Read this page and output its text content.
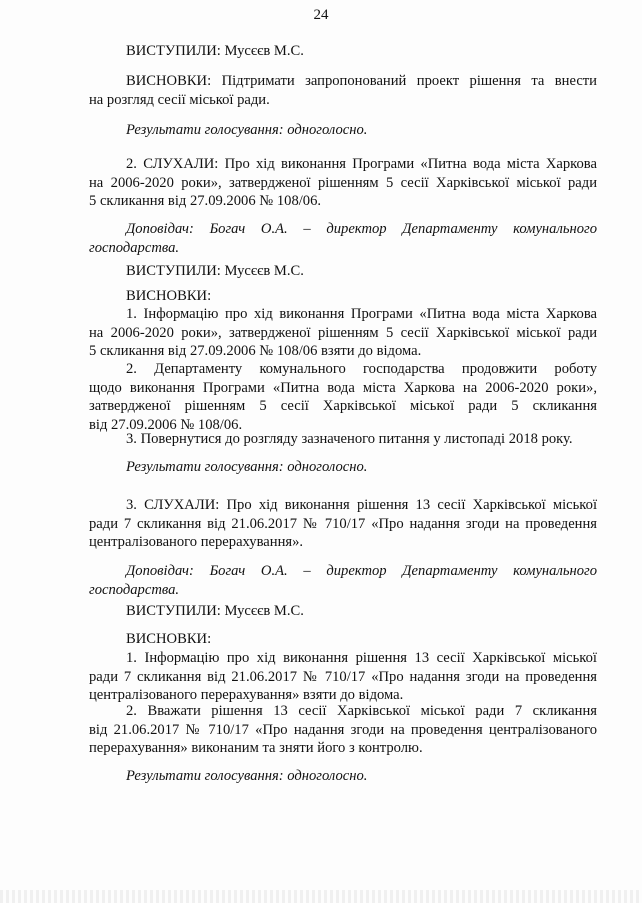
24

ВИСТУПИЛИ: Мусєєв М.С.

ВИСНОВКИ: Підтримати запропонований проект рішення та внести
на розгляд сесії міської ради.

Результати голосування: одноголосно.

2. СЛУХАЛИ: Про хід виконання Програми «Питна вода міста Харкова
на 2006-2020 роки», затвердженої рішенням 5 сесії Харківської міської ради
5 скликання від 27.09.2006 № 108/06.
Доповідач: Богач О.А. – директор Департаменту комунального
господарства.

ВИСТУПИЛИ: Мусєєв М.С.

ВИСНОВКИ:

1. Інформацію про хід виконання Програми «Питна вода міста Харкова
на 2006-2020 роки», затвердженої рішенням 5 сесії Харківської міської ради
5 скликання від 27.09.2006 № 108/06 взяти до відома.
2. Департаменту комунального господарства продовжити роботу
щодо виконання Програми «Питна вода міста Харкова на 2006-2020 роки»,
затвердженої рішенням 5 сесії Харківської міської ради 5 скликання
від 27.09.2006 № 108/06.

3. Повернутися до розгляду зазначеного питання у листопаді 2018 року.

Результати голосування: одноголосно.

3. СЛУХАЛИ: Про хід виконання рішення 13 сесії Харківської міської
ради 7 скликання від 21.06.2017 № 710/17 «Про надання згоди на проведення
централізованого перерахування».
Доповідач: Богач О.А. – директор Департаменту комунального
господарства.

ВИСТУПИЛИ: Мусєєв М.С.

ВИСНОВКИ:

1. Інформацію про хід виконання рішення 13 сесії Харківської міської
ради 7 скликання від 21.06.2017 № 710/17 «Про надання згоди на проведення
централізованого перерахування» взяти до відома.
2. Вважати рішення 13 сесії Харківської міської ради 7 скликання
від 21.06.2017 № 710/17 «Про надання згоди на проведення централізованого
перерахування» виконаним та зняти його з контролю.

Результати голосування: одноголосно.
